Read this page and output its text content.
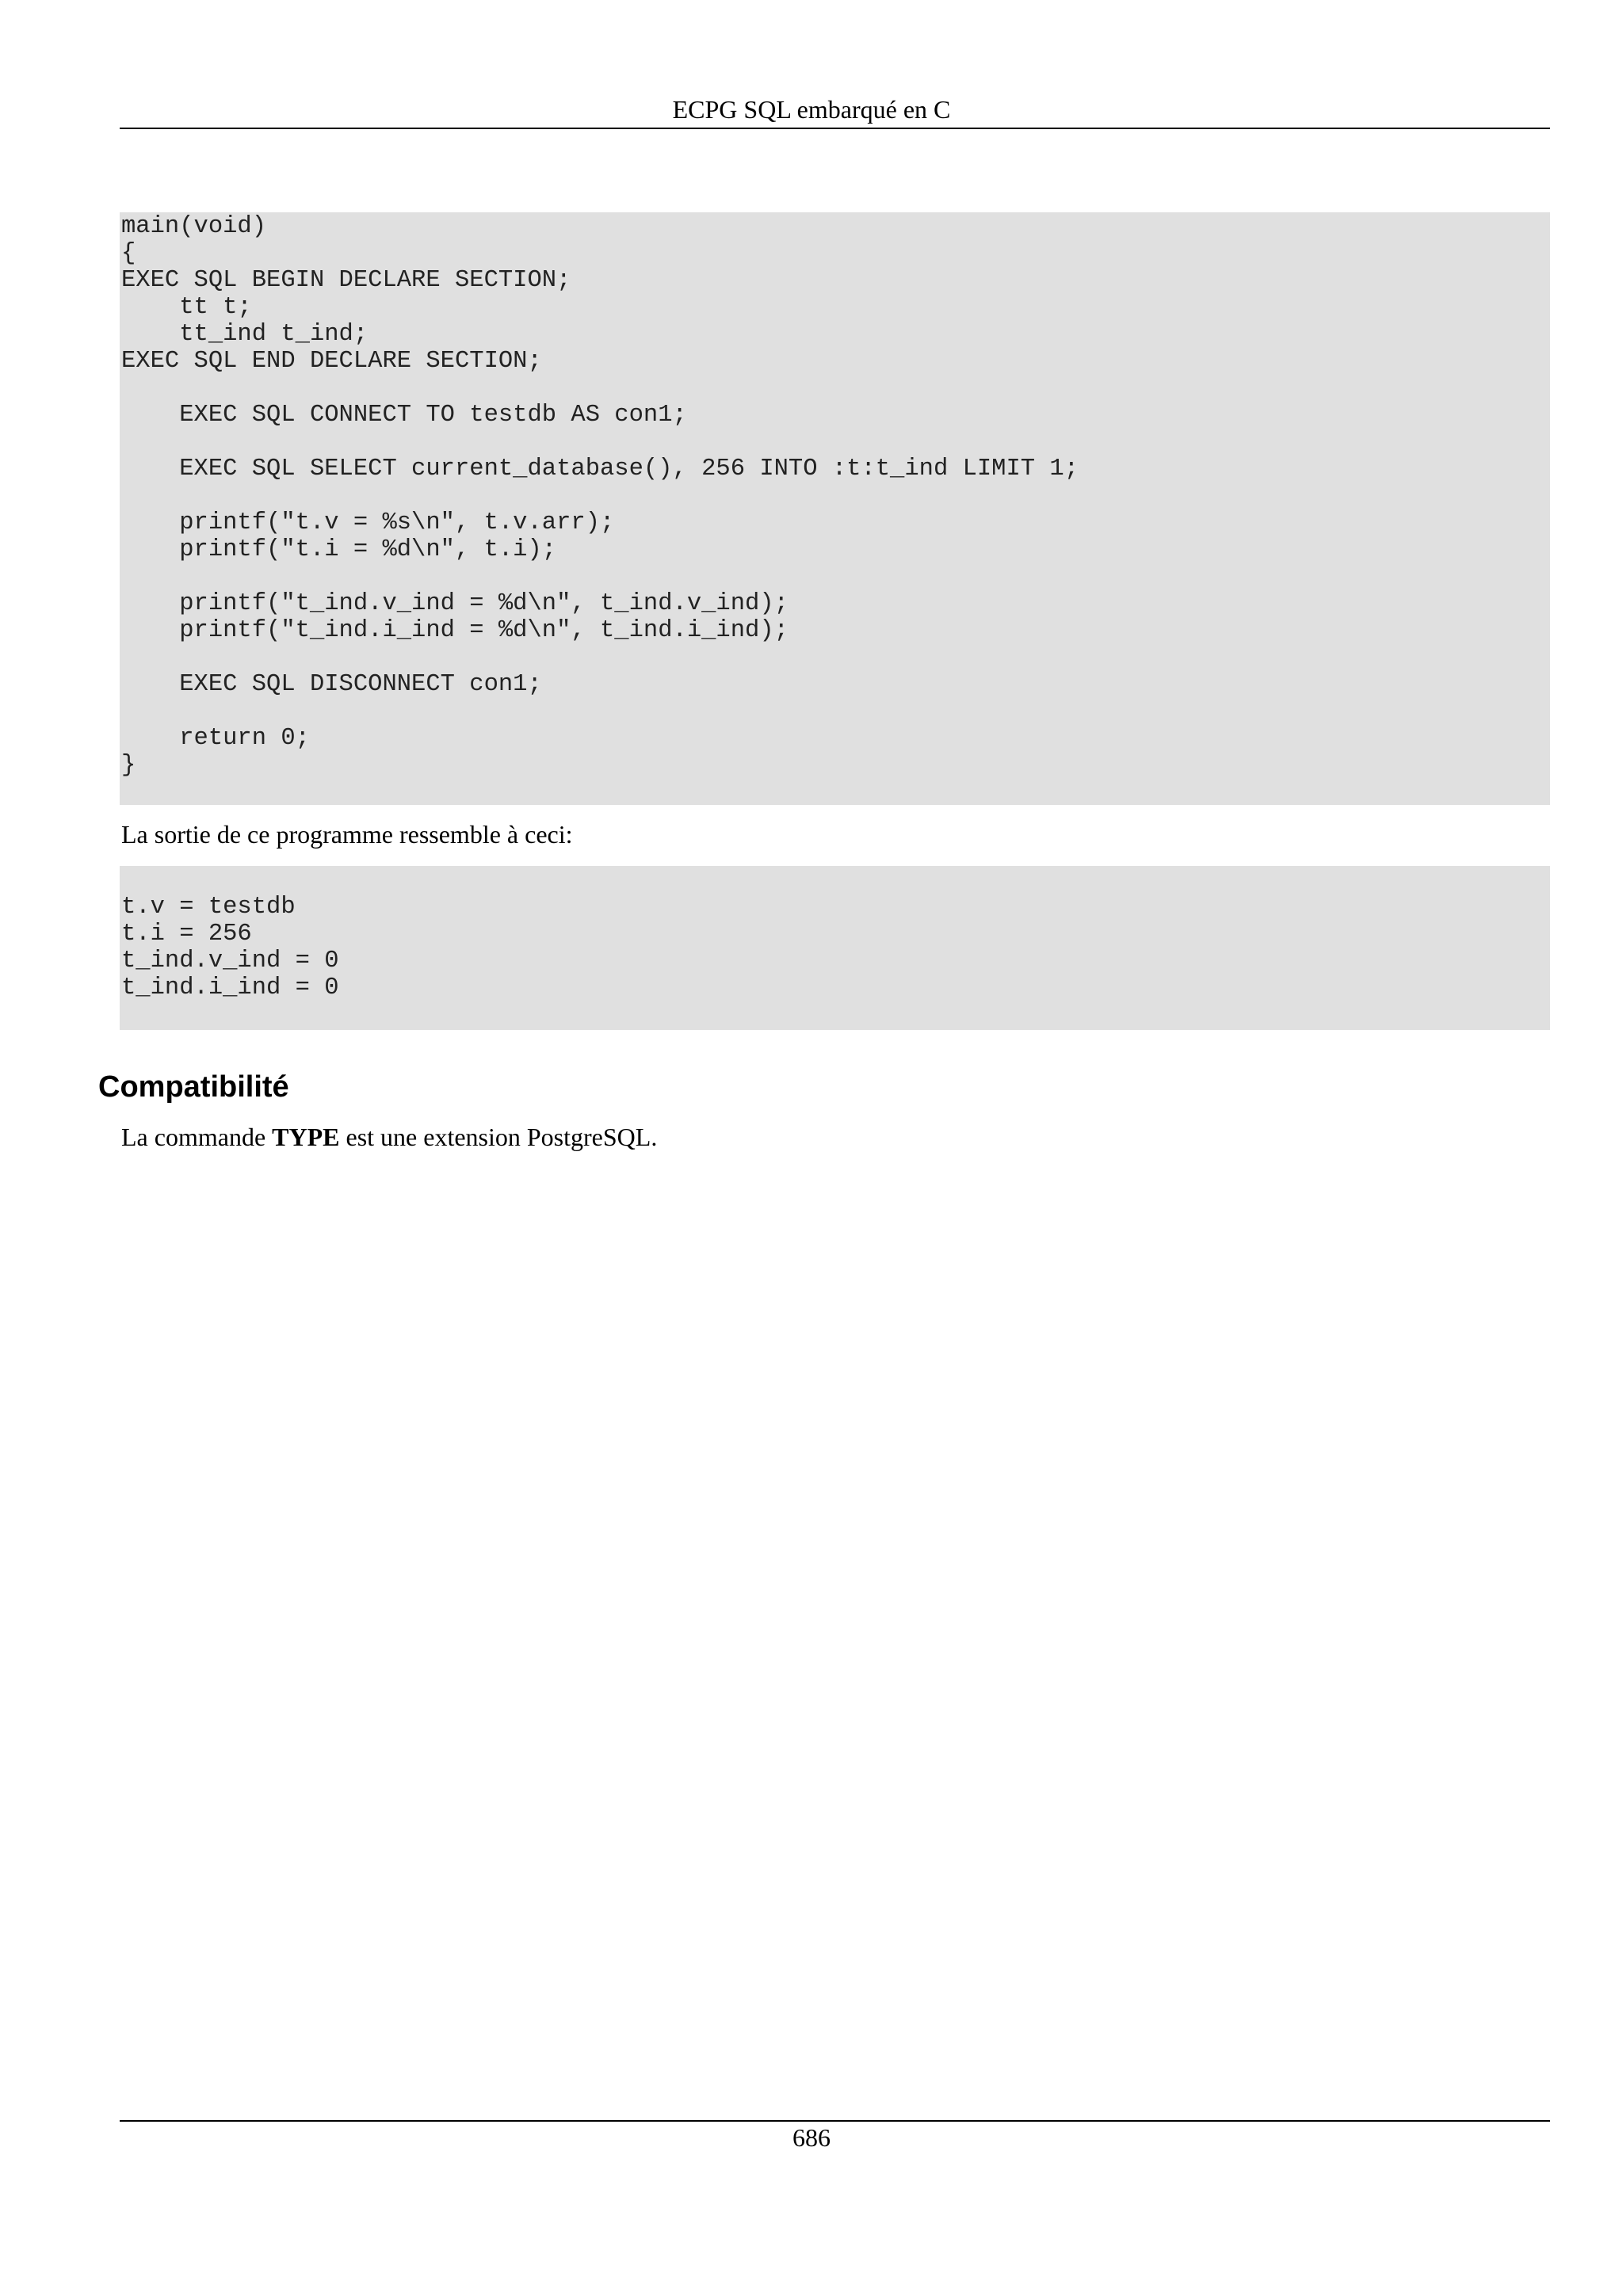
ECPG SQL embarqué en C
main(void)
{
EXEC SQL BEGIN DECLARE SECTION;
tt t;
tt_ind t_ind;
EXEC SQL END DECLARE SECTION;

EXEC SQL CONNECT TO testdb AS con1;

EXEC SQL SELECT current_database(), 256 INTO :t:t_ind LIMIT 1;

printf("t.v = %s\n", t.v.arr);
printf("t.i = %d\n", t.i);

printf("t_ind.v_ind = %d\n", t_ind.v_ind);
printf("t_ind.i_ind = %d\n", t_ind.i_ind);

EXEC SQL DISCONNECT con1;

return 0;
}

La sortie de ce programme ressemble à ceci:

t.v = testdb
t.i = 256
t_ind.v_ind = 0
t_ind.i_ind = 0
Compatibilité

La commande TYPE est une extension PostgreSQL.

686
